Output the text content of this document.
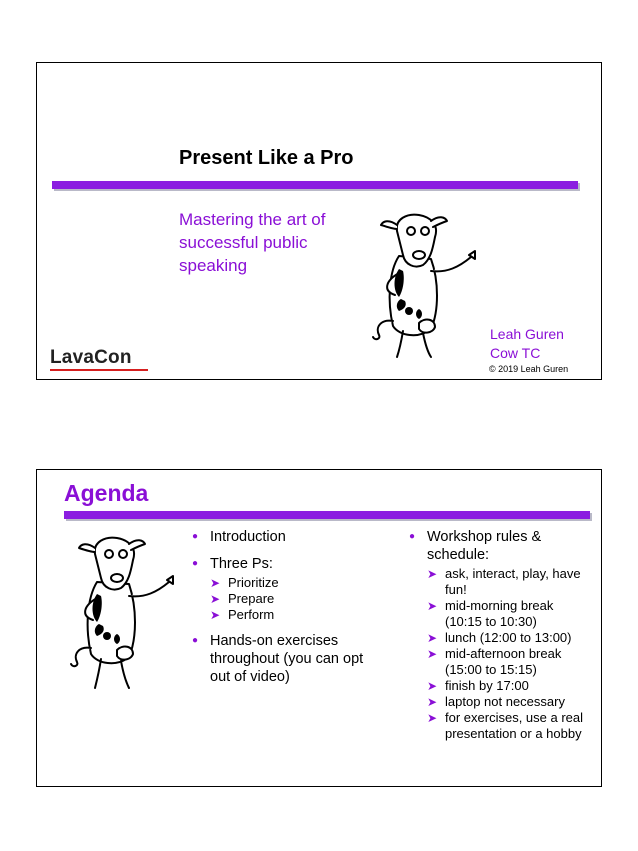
Present Like a Pro
Mastering the art of successful public speaking
Leah Guren
Cow TC
© 2019 Leah Guren
LavaCon
Agenda
● Introduction
● Three Ps:
➤ Prioritize
➤ Prepare
➤ Perform
● Hands-on exercises throughout (you can opt out of video)
● Workshop rules & schedule:
➤ ask, interact, play, have fun!
➤ mid-morning break (10:15 to 10:30)
➤ lunch (12:00 to 13:00)
➤ mid-afternoon break (15:00 to 15:15)
➤ finish by 17:00
➤ laptop not necessary
➤ for exercises, use a real presentation or a hobby
